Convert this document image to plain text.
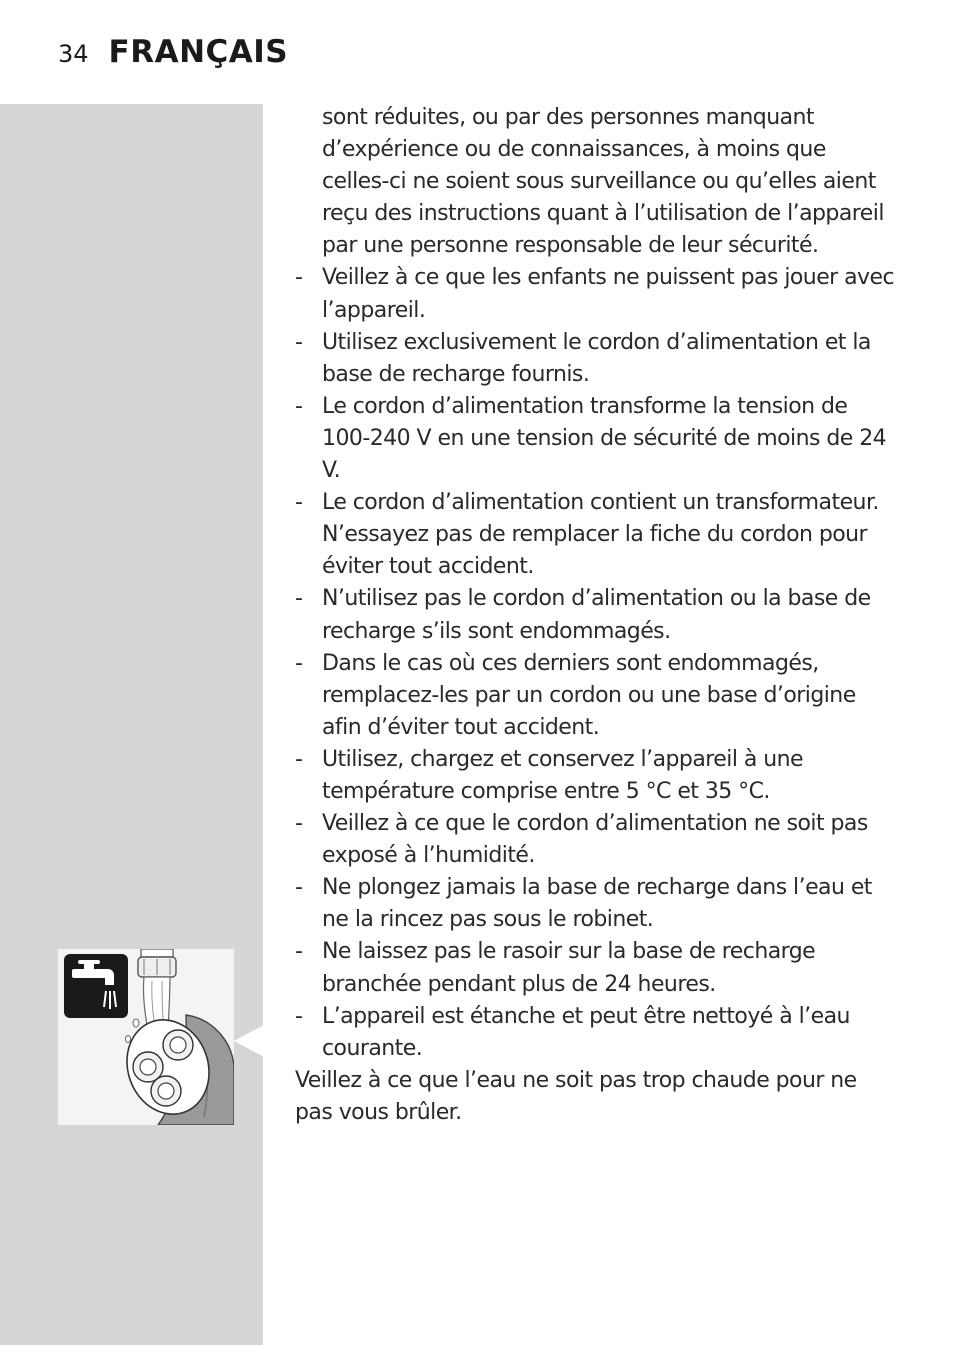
34 FRANÇAIS
sont réduites, ou par des personnes manquant d’expérience ou de connaissances, à moins que celles-ci ne soient sous surveillance ou qu’elles aient reçu des instructions quant à l’utilisation de l’appareil par une personne responsable de leur sécurité.
- Veillez à ce que les enfants ne puissent pas jouer avec l’appareil.
- Utilisez exclusivement le cordon d’alimentation et la base de recharge fournis.
- Le cordon d’alimentation transforme la tension de 100-240 V en une tension de sécurité de moins de 24 V.
- Le cordon d’alimentation contient un transformateur. N’essayez pas de remplacer la fiche du cordon pour éviter tout accident.
- N’utilisez pas le cordon d’alimentation ou la base de recharge s’ils sont endommagés.
- Dans le cas où ces derniers sont endommagés, remplacez-les par un cordon ou une base d’origine afin d’éviter tout accident.
- Utilisez, chargez et conservez l’appareil à une température comprise entre 5 °C et 35 °C.
- Veillez à ce que le cordon d’alimentation ne soit pas exposé à l’humidité.
- Ne plongez jamais la base de recharge dans l’eau et ne la rincez pas sous le robinet.
- Ne laissez pas le rasoir sur la base de recharge branchée pendant plus de 24 heures.
- L’appareil est étanche et peut être nettoyé à l’eau courante.

Veillez à ce que l’eau ne soit pas trop chaude pour ne pas vous brûler.
